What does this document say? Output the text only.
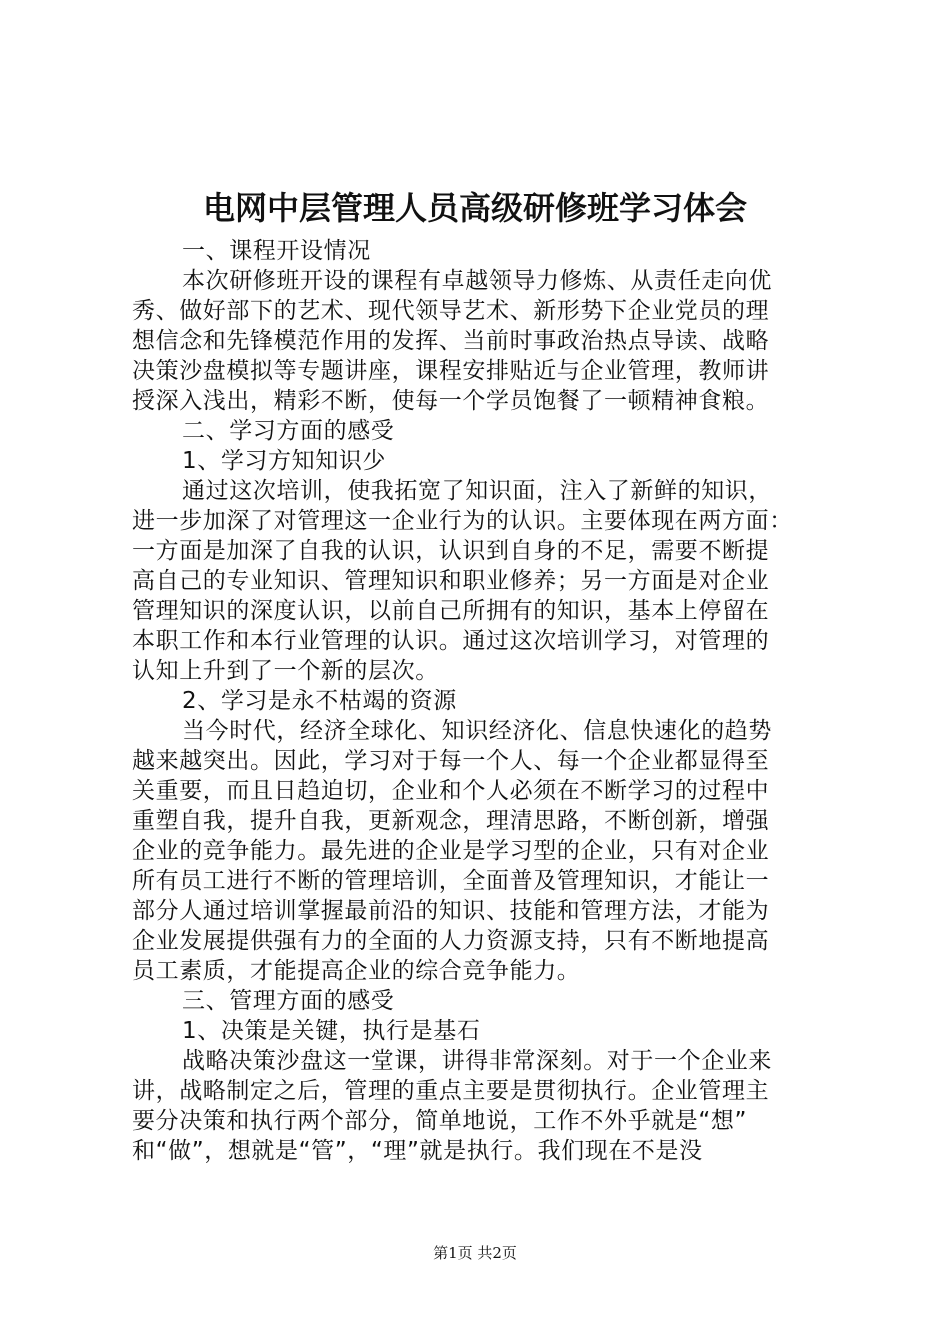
电网中层管理人员高级研修班学习体会
一、课程开设情况
本次研修班开设的课程有卓越领导力修炼、从责任走向优
秀、做好部下的艺术、现代领导艺术、新形势下企业党员的理
想信念和先锋模范作用的发挥、当前时事政治热点导读、战略
决策沙盘模拟等专题讲座，课程安排贴近与企业管理，教师讲
授深入浅出，精彩不断，使每一个学员饱餐了一顿精神食粮。
二、学习方面的感受
1、学习方知知识少
通过这次培训，使我拓宽了知识面，注入了新鲜的知识，
进一步加深了对管理这一企业行为的认识。主要体现在两方面：
一方面是加深了自我的认识，认识到自身的不足，需要不断提
高自己的专业知识、管理知识和职业修养；另一方面是对企业
管理知识的深度认识，以前自己所拥有的知识，基本上停留在
本职工作和本行业管理的认识。通过这次培训学习，对管理的
认知上升到了一个新的层次。
2、学习是永不枯竭的资源
当今时代，经济全球化、知识经济化、信息快速化的趋势
越来越突出。因此，学习对于每一个人、每一个企业都显得至
关重要，而且日趋迫切，企业和个人必须在不断学习的过程中
重塑自我，提升自我，更新观念，理清思路，不断创新，增强
企业的竞争能力。最先进的企业是学习型的企业，只有对企业
所有员工进行不断的管理培训，全面普及管理知识，才能让一
部分人通过培训掌握最前沿的知识、技能和管理方法，才能为
企业发展提供强有力的全面的人力资源支持，只有不断地提高
员工素质，才能提高企业的综合竞争能力。
三、管理方面的感受
1、决策是关键，执行是基石
战略决策沙盘这一堂课，讲得非常深刻。对于一个企业来
讲，战略制定之后，管理的重点主要是贯彻执行。企业管理主
要分决策和执行两个部分，简单地说，工作不外乎就是“想”
和“做”，想就是“管”，“理”就是执行。我们现在不是没
第1页 共2页
